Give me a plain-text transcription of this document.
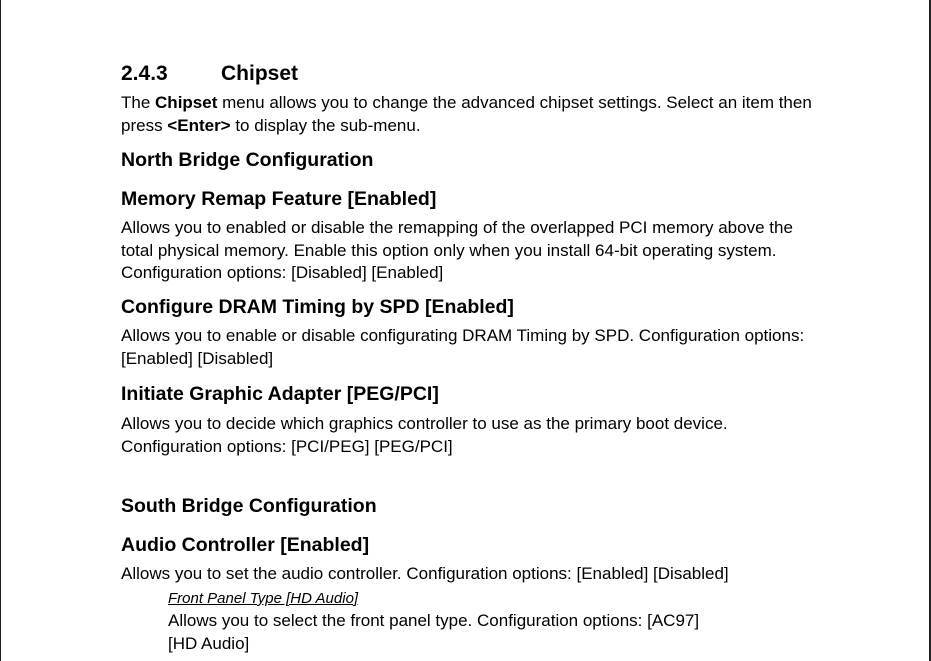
2.4.3	Chipset
The Chipset menu allows you to change the advanced chipset settings. Select an item then press <Enter> to display the sub-menu.
North Bridge Configuration
Memory Remap Feature [Enabled]
Allows you to enabled or disable the remapping of the overlapped PCI memory above the
total physical memory. Enable this option only when you install 64-bit operating system.
Configuration options: [Disabled] [Enabled]
Configure DRAM Timing by SPD [Enabled]
Allows you to enable or disable configurating DRAM Timing by SPD. Configuration options:
[Enabled] [Disabled]
Initiate Graphic Adapter [PEG/PCI]
Allows you to decide which graphics controller to use as the primary boot device.
Configuration options: [PCI/PEG] [PEG/PCI]
South Bridge Configuration
Audio Controller [Enabled]
Allows you to set the audio controller. Configuration options: [Enabled] [Disabled]
Front Panel Type [HD Audio]
Allows you to select the front panel type. Configuration options: [AC97]
[HD Audio]
